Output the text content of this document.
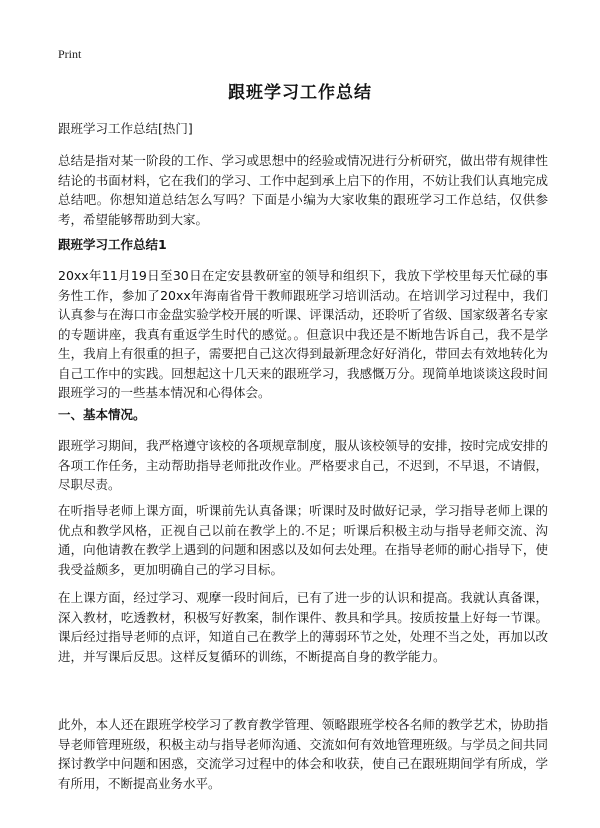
Print
跟班学习工作总结

跟班学习工作总结[热门]

总结是指对某一阶段的工作、学习或思想中的经验或情况进行分析研究，做出带有规律性结论的书面材料，它在我们的学习、工作中起到承上启下的作用，不妨让我们认真地完成总结吧。你想知道总结怎么写吗？下面是小编为大家收集的跟班学习工作总结，仅供参考，希望能够帮助到大家。

跟班学习工作总结1

20xx年11月19日至30日在定安县教研室的领导和组织下，我放下学校里每天忙碌的事务性工作，参加了20xx年海南省骨干教师跟班学习培训活动。在培训学习过程中，我们认真参与在海口市金盘实验学校开展的听课、评课活动，还聆听了省级、国家级著名专家的专题讲座，我真有重返学生时代的感觉。。但意识中我还是不断地告诉自己，我不是学生，我肩上有很重的担子，需要把自己这次得到最新理念好好消化，带回去有效地转化为自己工作中的实践。回想起这十几天来的跟班学习，我感慨万分。现简单地谈谈这段时间跟班学习的一些基本情况和心得体会。

一、基本情况。

跟班学习期间，我严格遵守该校的各项规章制度，服从该校领导的安排，按时完成安排的各项工作任务，主动帮助指导老师批改作业。严格要求自己，不迟到，不早退，不请假，尽职尽责。

在听指导老师上课方面，听课前先认真备课；听课时及时做好记录，学习指导老师上课的优点和教学风格，正视自己以前在教学上的.不足；听课后积极主动与指导老师交流、沟通，向他请教在教学上遇到的问题和困惑以及如何去处理。在指导老师的耐心指导下，使我受益颇多，更加明确自己的学习目标。

在上课方面，经过学习、观摩一段时间后，已有了进一步的认识和提高。我就认真备课，深入教材，吃透教材，积极写好教案，制作课件、教具和学具。按质按量上好每一节课。课后经过指导老师的点评，知道自己在教学上的薄弱环节之处，处理不当之处，再加以改进，并写课后反思。这样反复循环的训练，不断提高自身的教学能力。

此外，本人还在跟班学校学习了教育教学管理、领略跟班学校各名师的教学艺术，协助指导老师管理班级，积极主动与指导老师沟通、交流如何有效地管理班级。与学员之间共同探讨教学中问题和困惑，交流学习过程中的体会和收获，使自己在跟班期间学有所成，学有所用，不断提高业务水平。
